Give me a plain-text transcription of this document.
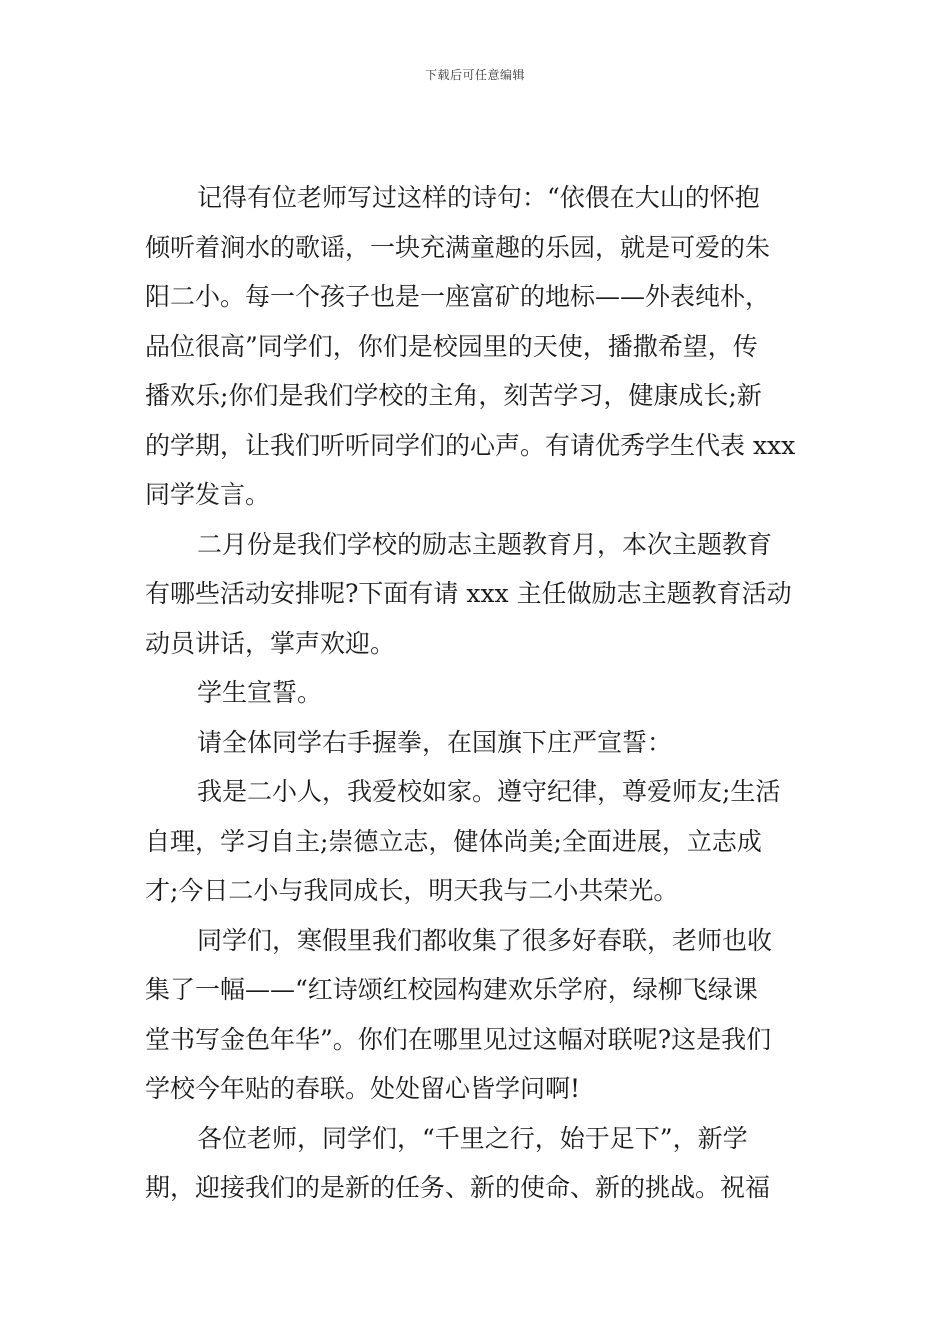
下载后可任意编辑

记得有位老师写过这样的诗句：“依偎在大山的怀抱
倾听着涧水的歌谣，一块充满童趣的乐园，就是可爱的朱
阳二小。每一个孩子也是一座富矿的地标——外表纯朴，
品位很高”同学们，你们是校园里的天使，播撒希望，传
播欢乐;你们是我们学校的主角，刻苦学习，健康成长;新
的学期，让我们听听同学们的心声。有请优秀学生代表 xxx
同学发言。

二月份是我们学校的励志主题教育月，本次主题教育
有哪些活动安排呢?下面有请 xxx 主任做励志主题教育活动
动员讲话，掌声欢迎。

学生宣誓。

请全体同学右手握拳，在国旗下庄严宣誓：

我是二小人，我爱校如家。遵守纪律，尊爱师友;生活
自理，学习自主;崇德立志，健体尚美;全面进展，立志成
才;今日二小与我同成长，明天我与二小共荣光。

同学们，寒假里我们都收集了很多好春联，老师也收
集了一幅——“红诗颂红校园构建欢乐学府，绿柳飞绿课
堂书写金色年华”。你们在哪里见过这幅对联呢?这是我们
学校今年贴的春联。处处留心皆学问啊!

各位老师，同学们，“千里之行，始于足下”，新学
期，迎接我们的是新的任务、新的使命、新的挑战。祝福
